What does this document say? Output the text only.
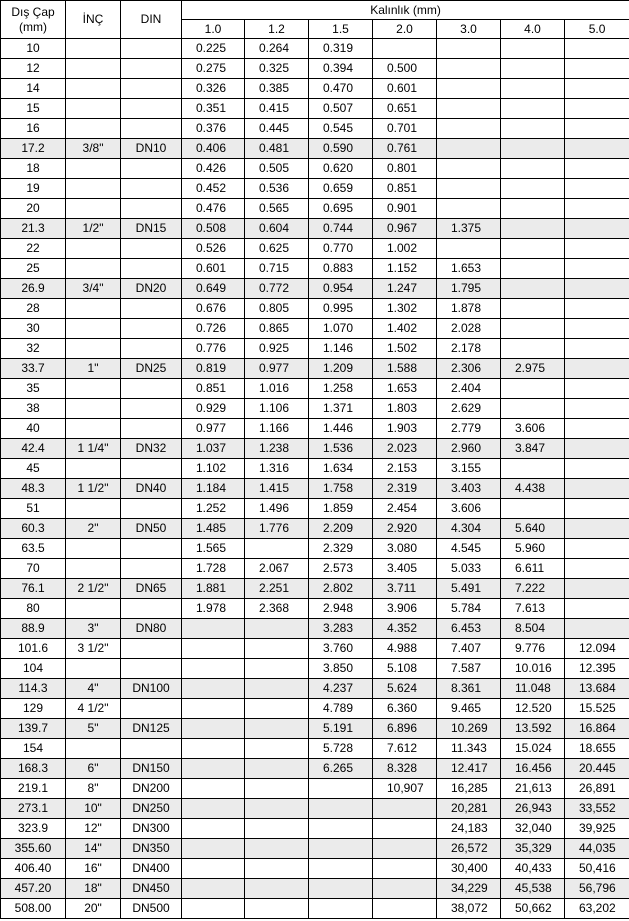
Dış Çap
(mm)	İNÇ	DIN	Kalınlık (mm)						
			1.0	1.2	1.5	2.0	3.0	4.0	5.0
10			0.225	0.264	0.319				
12			0.275	0.325	0.394	0.500			
14			0.326	0.385	0.470	0.601			
15			0.351	0.415	0.507	0.651			
16			0.376	0.445	0.545	0.701			
17.2	3/8"	DN10	0.406	0.481	0.590	0.761			
18			0.426	0.505	0.620	0.801			
19			0.452	0.536	0.659	0.851			
20			0.476	0.565	0.695	0.901			
21.3	1/2"	DN15	0.508	0.604	0.744	0.967	1.375		
22			0.526	0.625	0.770	1.002			
25			0.601	0.715	0.883	1.152	1.653		
26.9	3/4"	DN20	0.649	0.772	0.954	1.247	1.795		
28			0.676	0.805	0.995	1.302	1.878		
30			0.726	0.865	1.070	1.402	2.028		
32			0.776	0.925	1.146	1.502	2.178		
33.7	1"	DN25	0.819	0.977	1.209	1.588	2.306	2.975	
35			0.851	1.016	1.258	1.653	2.404		
38			0.929	1.106	1.371	1.803	2.629		
40			0.977	1.166	1.446	1.903	2.779	3.606	
42.4	1 1/4"	DN32	1.037	1.238	1.536	2.023	2.960	3.847	
45			1.102	1.316	1.634	2.153	3.155		
48.3	1 1/2"	DN40	1.184	1.415	1.758	2.319	3.403	4.438	
51			1.252	1.496	1.859	2.454	3.606		
60.3	2"	DN50	1.485	1.776	2.209	2.920	4.304	5.640	
63.5			1.565		2.329	3.080	4.545	5.960	
70			1.728	2.067	2.573	3.405	5.033	6.611	
76.1	2 1/2"	DN65	1.881	2.251	2.802	3.711	5.491	7.222	
80			1.978	2.368	2.948	3.906	5.784	7.613	
88.9	3"	DN80			3.283	4.352	6.453	8.504	
101.6	3 1/2"				3.760	4.988	7.407	9.776	12.094
104					3.850	5.108	7.587	10.016	12.395
114.3	4"	DN100			4.237	5.624	8.361	11.048	13.684
129	4 1/2"				4.789	6.360	9.465	12.520	15.525
139.7	5"	DN125			5.191	6.896	10.269	13.592	16.864
154					5.728	7.612	11.343	15.024	18.655
168.3	6"	DN150			6.265	8.328	12.417	16.456	20.445
219.1	8"	DN200				10,907	16,285	21,613	26,891
273.1	10"	DN250					20,281	26,943	33,552
323.9	12"	DN300					24,183	32,040	39,925
355.60	14"	DN350					26,572	35,329	44,035
406.40	16"	DN400					30,400	40,433	50,416
457.20	18"	DN450					34,229	45,538	56,796
508.00	20"	DN500					38,072	50,662	63,202
